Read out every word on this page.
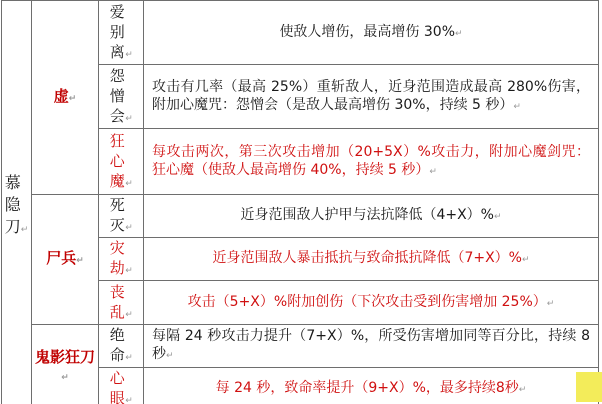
慕隐刀↵	虚↵	爱别离↵	使敌人增伤，最高增伤 30%↵
		怨憎会↵	攻击有几率（最高 25%）重斩敌人，近身范围造成最高 280%伤害，附加心魔咒：怨憎会（是敌人最高增伤 30%，持续 5 秒）↵
		狂心魔↵	每攻击两次，第三次攻击增加（20+5X）%攻击力，附加心魔剑咒：狂心魔（使敌人最高增伤 40%，持续 5 秒）↵
	尸兵↵	死灭↵	近身范围敌人护甲与法抗降低（4+X）%↵
		灾劫↵	近身范围敌人暴击抵抗与致命抵抗降低（7+X）%↵
		丧乱↵	攻击（5+X）%附加创伤（下次攻击受到伤害增加 25%）↵
	鬼影狂刀↵	绝命↵	每隔 24 秒攻击力提升（7+X）%，所受伤害增加同等百分比，持续 8 秒↵
		心眼↵	每 24 秒，致命率提升（9+X）%，最多持续8秒↵
